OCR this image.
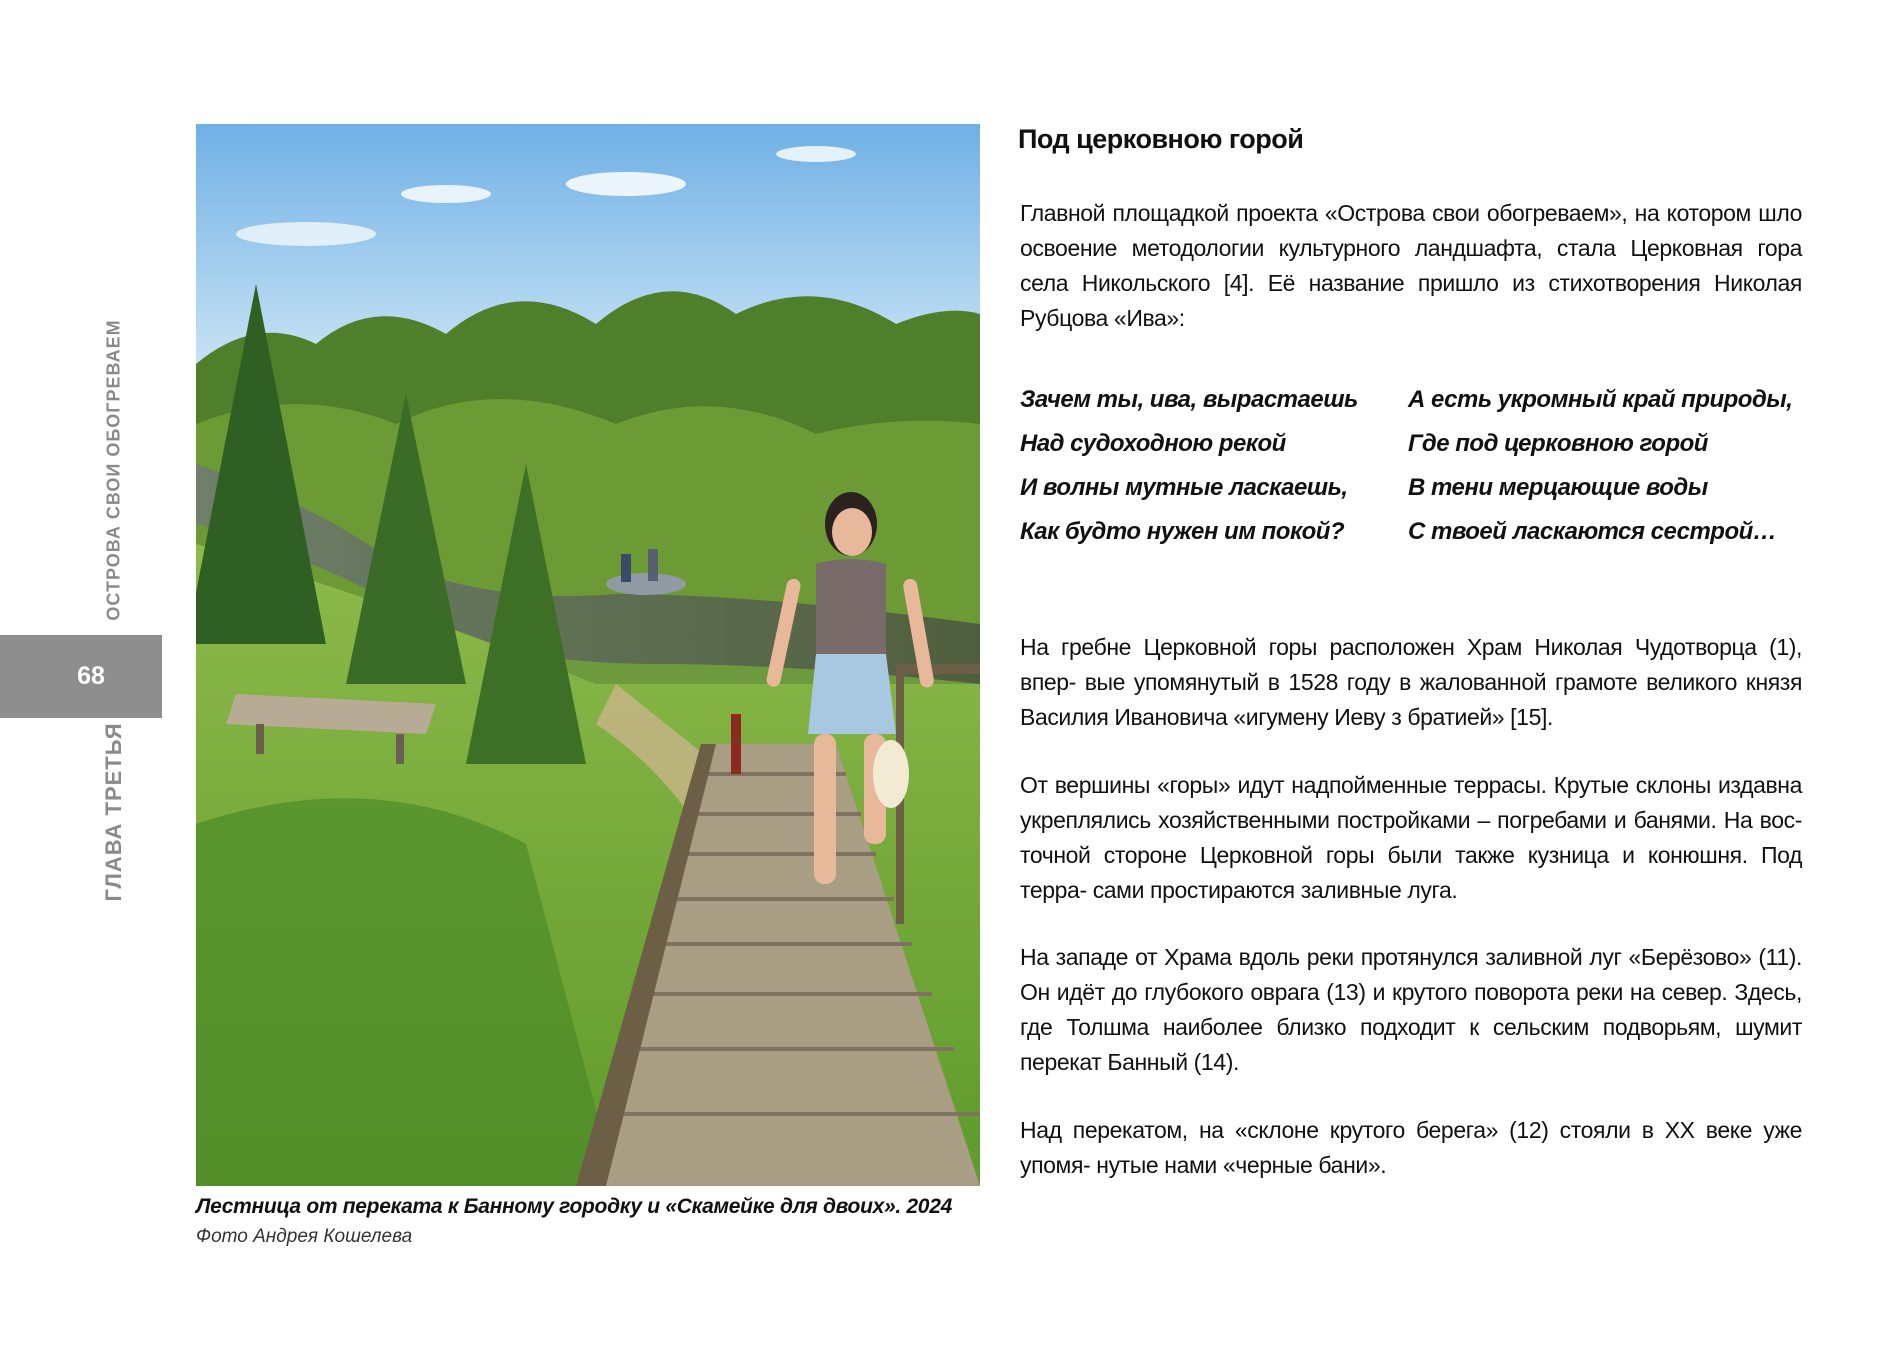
ОСТРОВА СВОИ ОБОГРЕВАЕМ
68
ГЛАВА ТРЕТЬЯ
Лестница от переката к Банному городку и «Скамейке для двоих». 2024
Фото Андрея Кошелева
Под церковною горой

Главной площадкой проекта «Острова свои обогреваем», на котором шло освоение методологии культурного ландшафта, стала Церковная гора села Никольского [4]. Её название пришло из стихотворения Николая Рубцова «Ива»:

Зачем ты, ива, вырастаешь
Над судоходною рекой
И волны мутные ласкаешь,
Как будто нужен им покой?
А есть укромный край природы,
Где под церковною горой
В тени мерцающие воды
С твоей ласкаются сестрой…

На гребне Церковной горы расположен Храм Николая Чудотворца (1), впер- вые упомянутый в 1528 году в жалованной грамоте великого князя Василия Ивановича «игумену Иеву з братией» [15].

От вершины «горы» идут надпойменные террасы. Крутые склоны издавна укреплялись хозяйственными постройками – погребами и банями. На вос- точной стороне Церковной горы были также кузница и конюшня. Под терра- сами простираются заливные луга.

На западе от Храма вдоль реки протянулся заливной луг «Берёзово» (11). Он идёт до глубокого оврага (13) и крутого поворота реки на север. Здесь, где Толшма наиболее близко подходит к сельским подворьям, шумит перекат Банный (14).

Над перекатом, на «склоне крутого берега» (12) стояли в XX веке уже упомя- нутые нами «черные бани».
